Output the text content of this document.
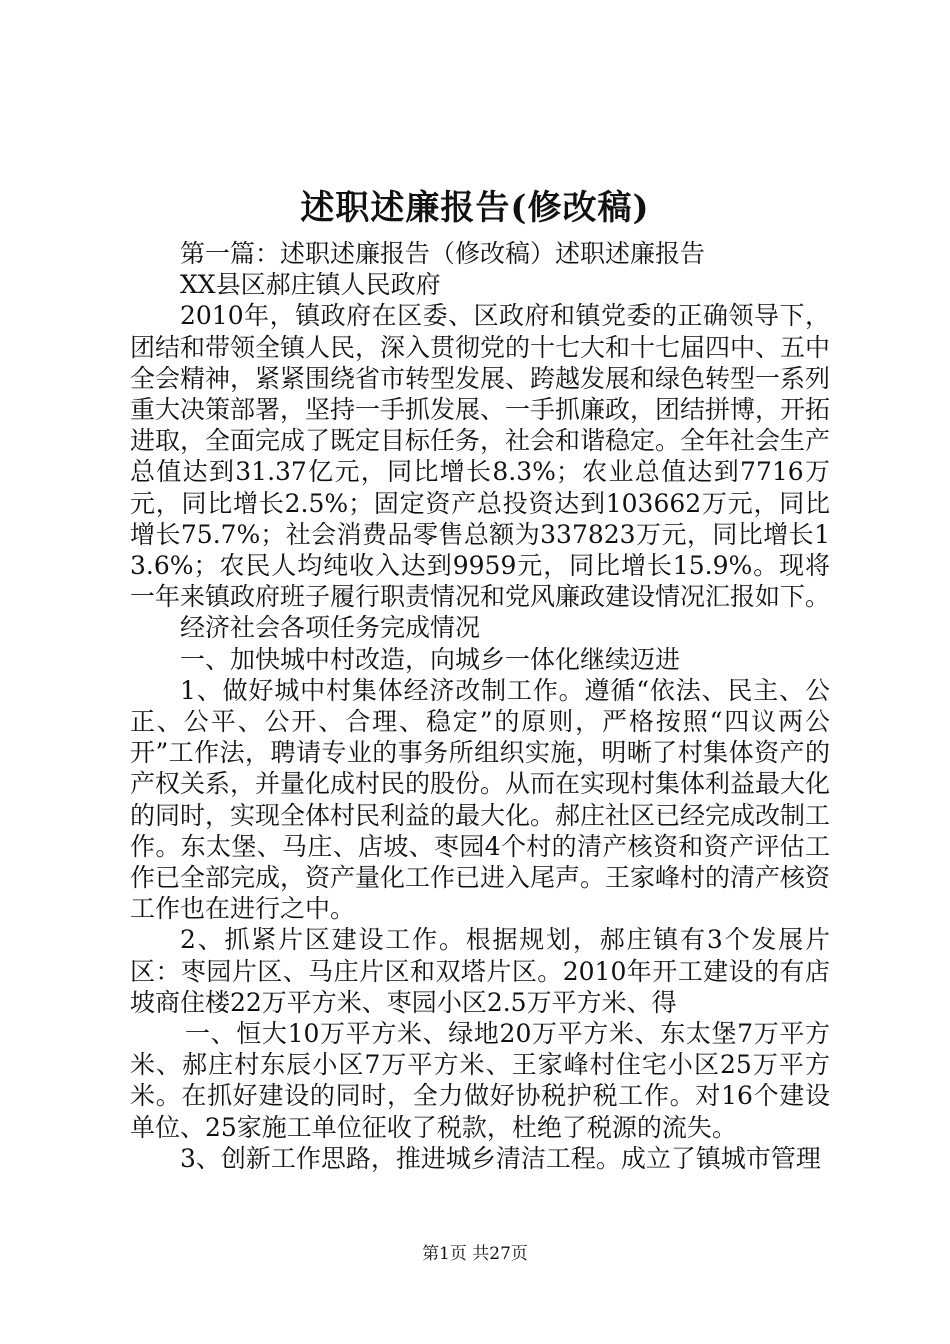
述职述廉报告(修改稿)

第一篇：述职述廉报告（修改稿）述职述廉报告

XX县区郝庄镇人民政府

2010年，镇政府在区委、区政府和镇党委的正确领导下，团结和带领全镇人民，深入贯彻党的十七大和十七届四中、五中全会精神，紧紧围绕省市转型发展、跨越发展和绿色转型一系列重大决策部署，坚持一手抓发展、一手抓廉政，团结拼博，开拓进取，全面完成了既定目标任务，社会和谐稳定。全年社会生产总值达到31.37亿元，同比增长8.3%；农业总值达到7716万元，同比增长2.5%；固定资产总投资达到103662万元，同比增长75.7%；社会消费品零售总额为337823万元，同比增长13.6%；农民人均纯收入达到9959元，同比增长15.9%。现将一年来镇政府班子履行职责情况和党风廉政建设情况汇报如下。

经济社会各项任务完成情况

一、加快城中村改造，向城乡一体化继续迈进

1、做好城中村集体经济改制工作。遵循“依法、民主、公正、公平、公开、合理、稳定”的原则，严格按照“四议两公开”工作法，聘请专业的事务所组织实施，明晰了村集体资产的产权关系，并量化成村民的股份。从而在实现村集体利益最大化的同时，实现全体村民利益的最大化。郝庄社区已经完成改制工作。东太堡、马庄、店坡、枣园4个村的清产核资和资产评估工作已全部完成，资产量化工作已进入尾声。王家峰村的清产核资工作也在进行之中。

2、抓紧片区建设工作。根据规划，郝庄镇有3个发展片区：枣园片区、马庄片区和双塔片区。2010年开工建设的有店坡商住楼22万平方米、枣园小区2.5万平方米、得

一、恒大10万平方米、绿地20万平方米、东太堡7万平方米、郝庄村东辰小区7万平方米、王家峰村住宅小区25万平方米。在抓好建设的同时，全力做好协税护税工作。对16个建设单位、25家施工单位征收了税款，杜绝了税源的流失。

3、创新工作思路，推进城乡清洁工程。成立了镇城市管理

第1页 共27页
